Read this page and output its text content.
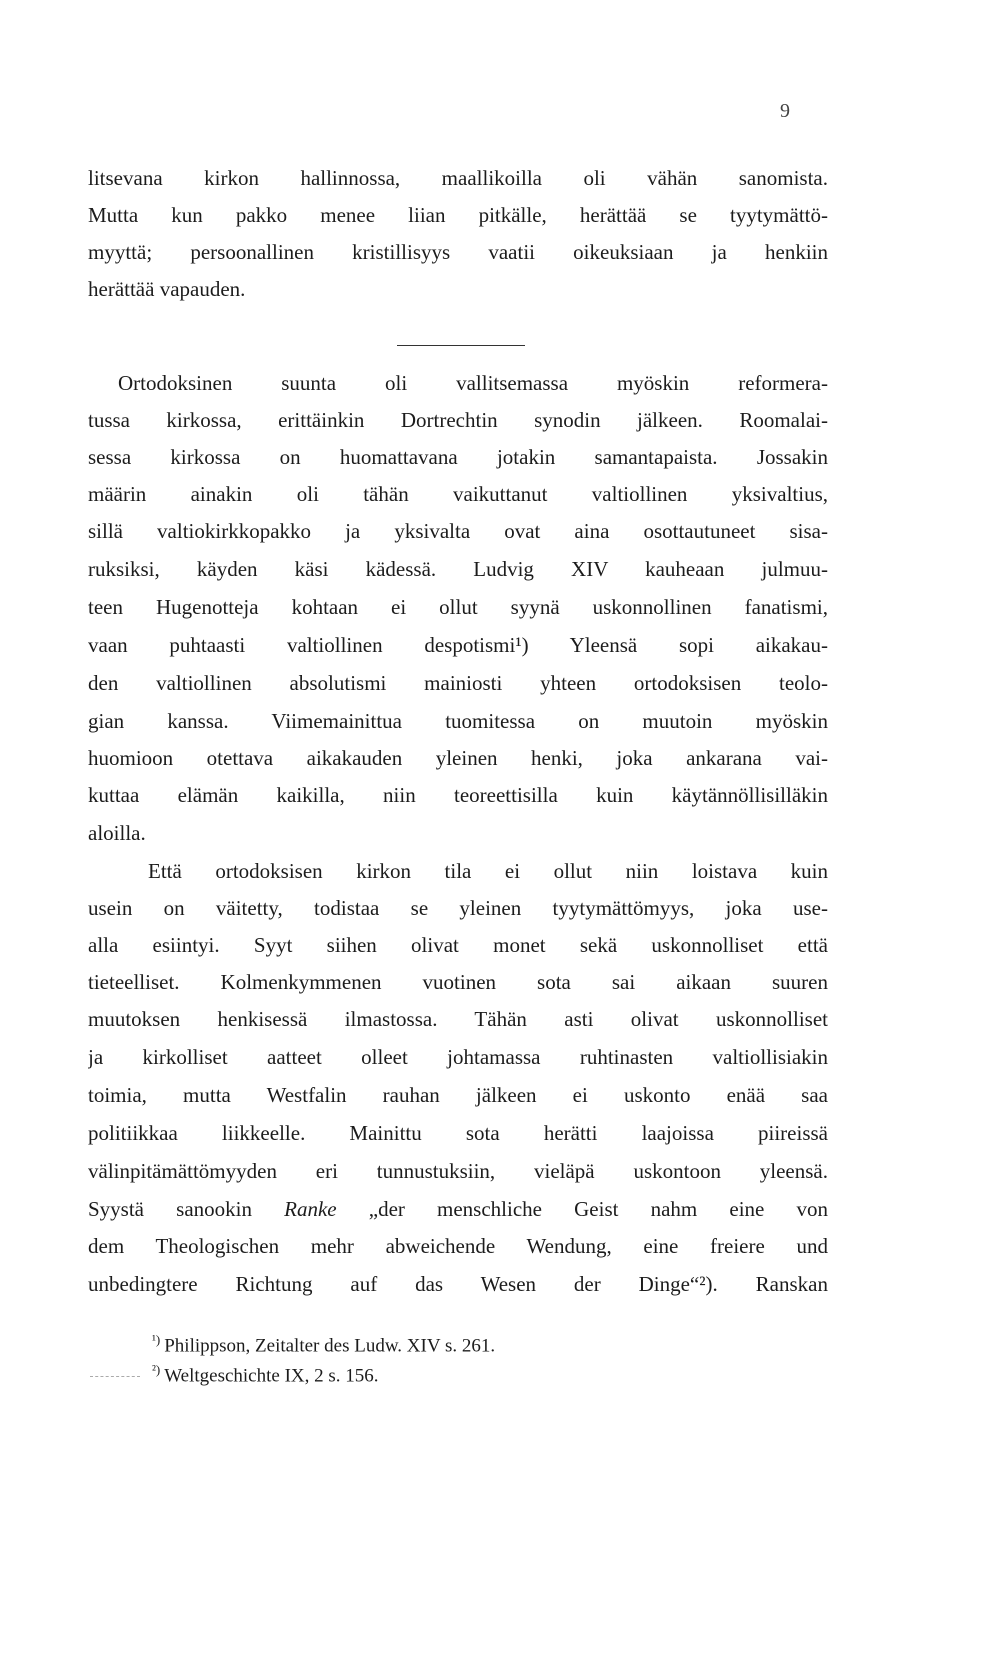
9
litsevana kirkon hallinnossa, maallikoilla oli vähän sanomista.
Mutta kun pakko menee liian pitkälle, herättää se tyytymättö-
myyttä; persoonallinen kristillisyys vaatii oikeuksiaan ja henkiin
herättää vapauden.
Ortodoksinen suunta oli vallitsemassa myöskin reformera-
tussa kirkossa, erittäinkin Dortrechtin synodin jälkeen. Roomalai-
sessa kirkossa on huomattavana jotakin samantapaista. Jossakin
määrin ainakin oli tähän vaikuttanut valtiollinen yksivaltius,
sillä valtiokirkkopakko ja yksivalta ovat aina osottautuneet sisa-
ruksiksi, käyden käsi kädessä. Ludvig XIV kauheaan julmuu-
teen Hugenotteja kohtaan ei ollut syynä uskonnollinen fanatismi,
vaan puhtaasti valtiollinen despotismi¹) Yleensä sopi aikakau-
den valtiollinen absolutismi mainiosti yhteen ortodoksisen teolo-
gian kanssa. Viimemainittua tuomitessa on muutoin myöskin
huomioon otettava aikakauden yleinen henki, joka ankarana vai-
kuttaa elämän kaikilla, niin teoreettisilla kuin käytännöllisilläkin
aloilla.
Että ortodoksisen kirkon tila ei ollut niin loistava kuin
usein on väitetty, todistaa se yleinen tyytymättömyys, joka use-
alla esiintyi. Syyt siihen olivat monet sekä uskonnolliset että
tieteelliset. Kolmenkymmenen vuotinen sota sai aikaan suuren
muutoksen henkisessä ilmastossa. Tähän asti olivat uskonnolliset
ja kirkolliset aatteet olleet johtamassa ruhtinasten valtiollisiakin
toimia, mutta Westfalin rauhan jälkeen ei uskonto enää saa
politiikkaa liikkeelle. Mainittu sota herätti laajoissa piireissä
välinpitämättömyyden eri tunnustuksiin, vieläpä uskontoon yleensä.
Syystä sanookin Ranke „der menschliche Geist nahm eine von
dem Theologischen mehr abweichende Wendung, eine freiere und
unbedingtere Richtung auf das Wesen der Dinge“²). Ranskan
$^{^1)}$ Philippson, Zeitalter des Ludw. XIV s. 261.
$^{^2)}$ Weltgeschichte IX, 2 s. 156.
